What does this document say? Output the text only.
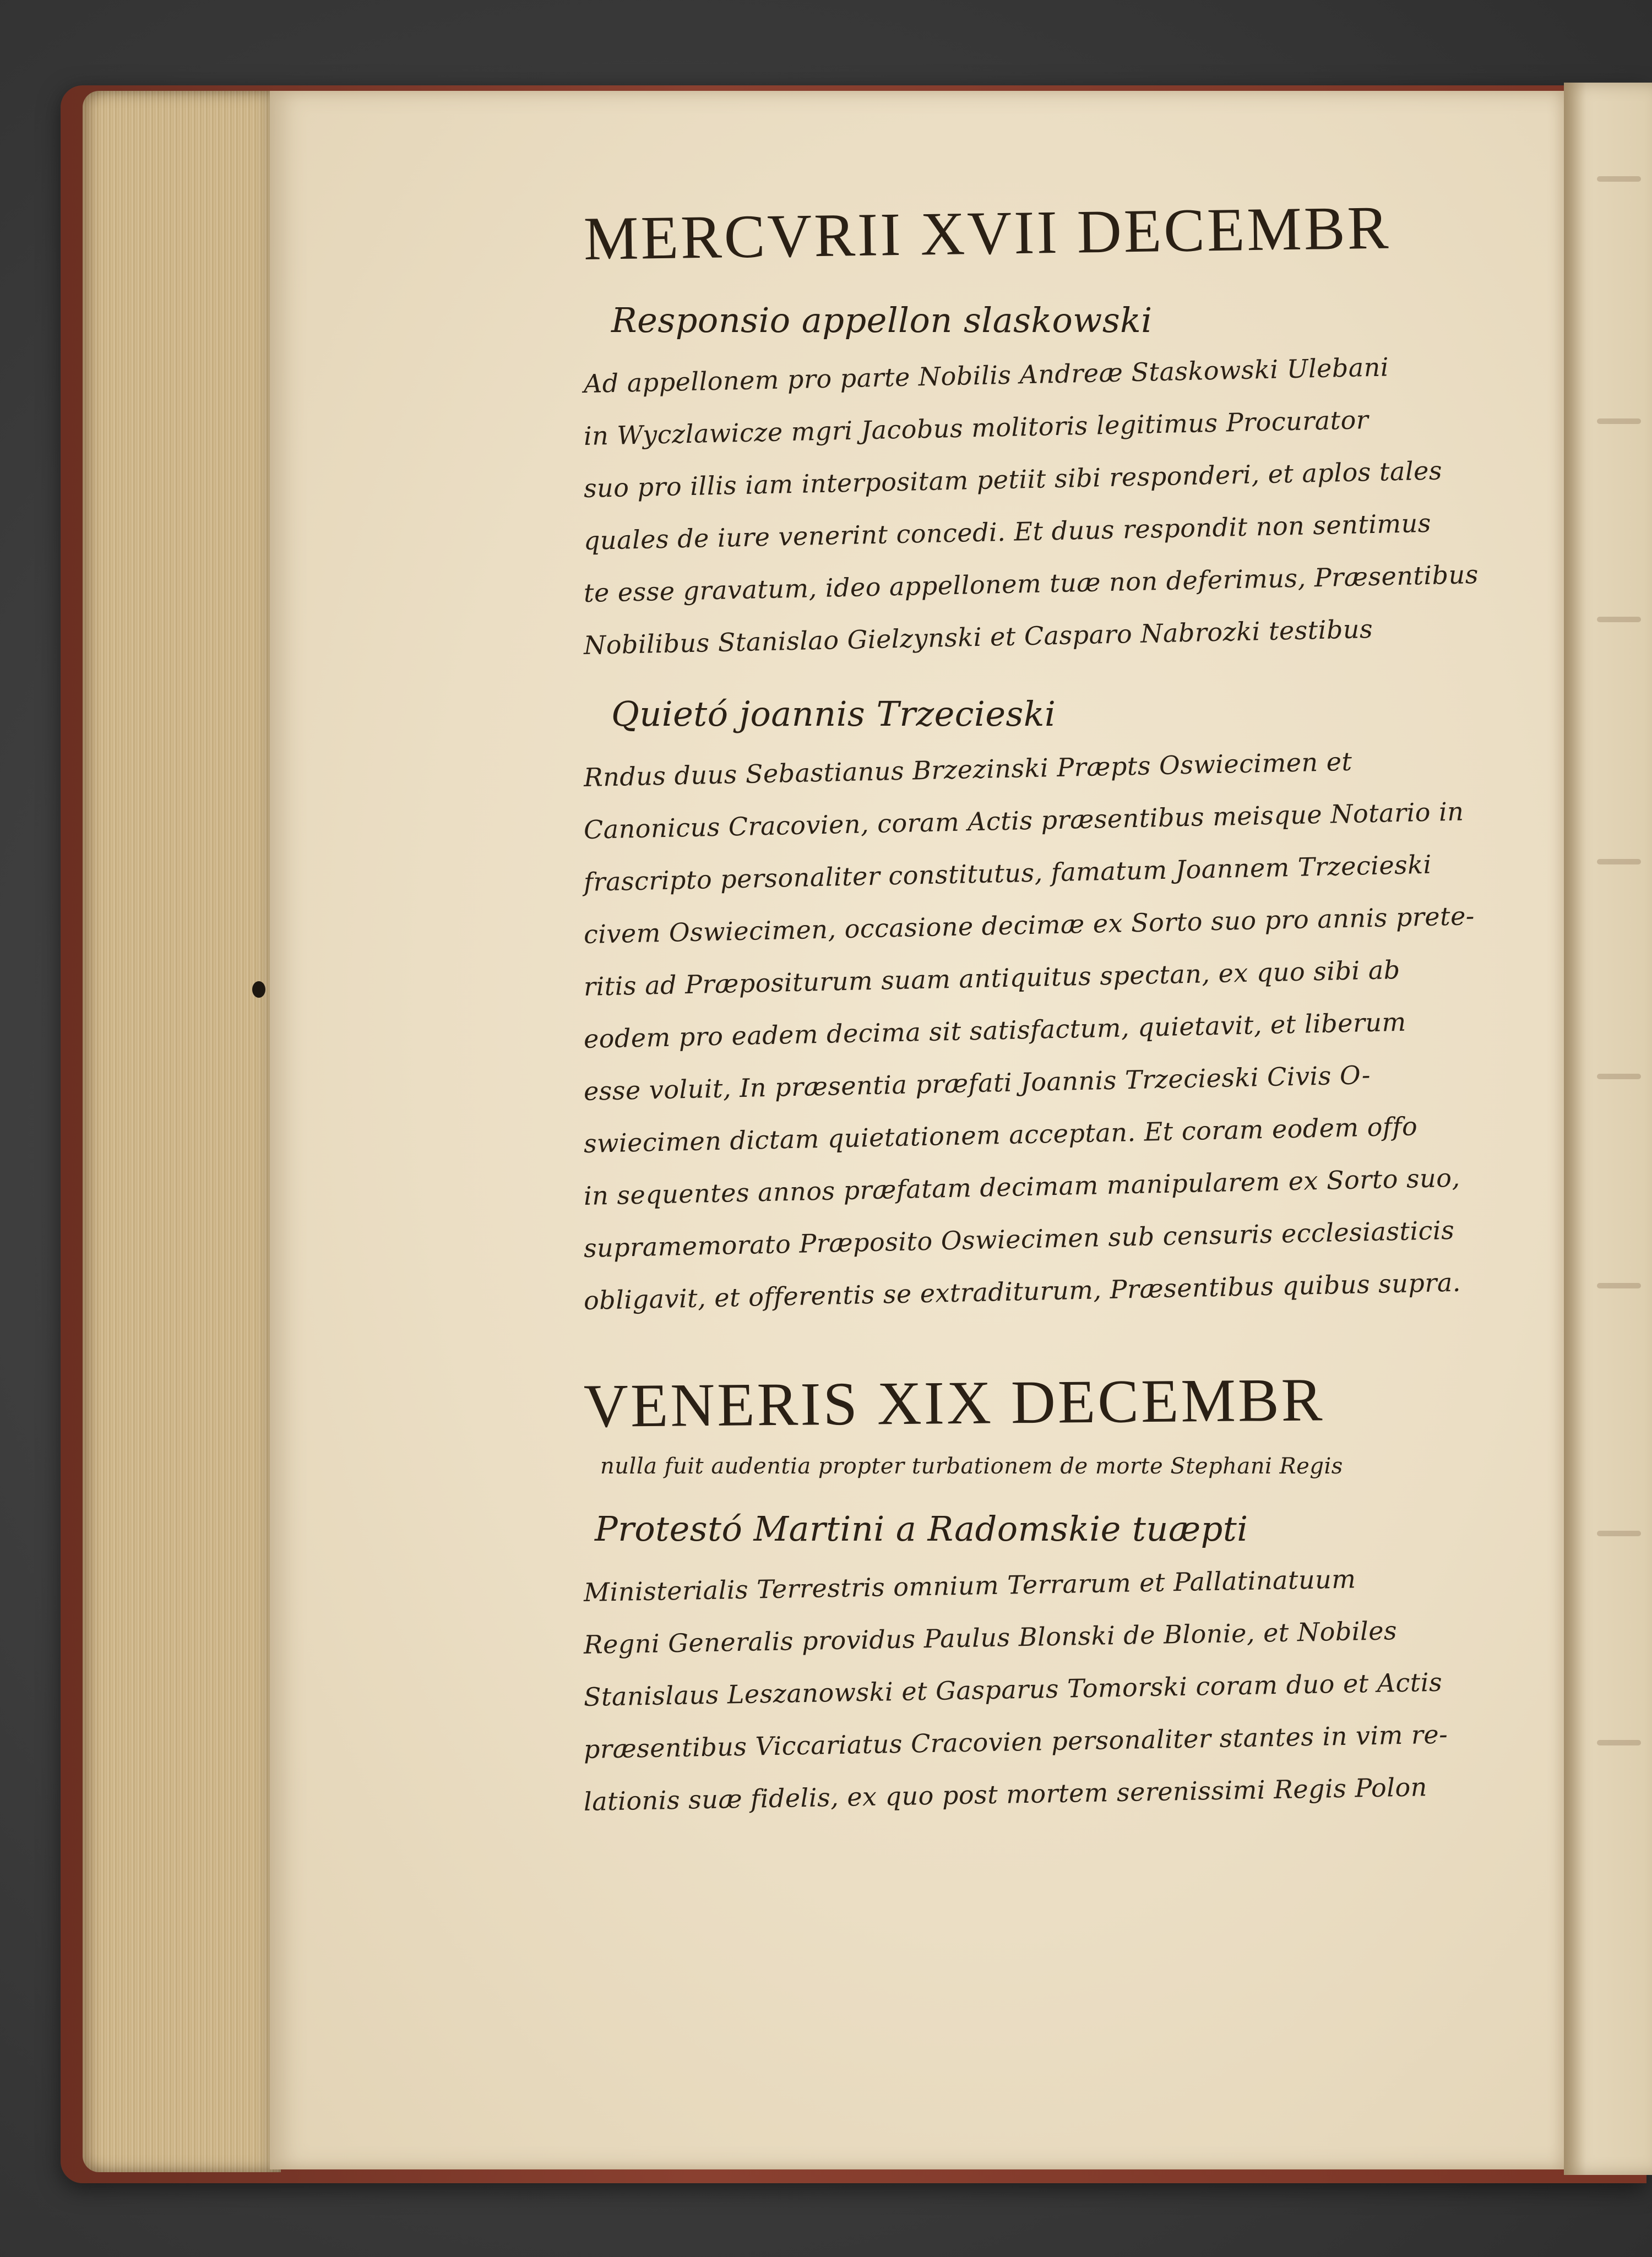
MERCVRII XVII DECEMBR
Responsio appellon slaskowski
Ad appellonem pro parte Nobilis Andreæ Staskowski Ulebani
in Wyczlawicze mgri Jacobus molitoris legitimus Procurator
suo pro illis iam interpositam petiit sibi responderi, et aplos tales
quales de iure venerint concedi. Et duus respondit non sentimus
te esse gravatum, ideo appellonem tuæ non deferimus, Præsentibus
Nobilibus Stanislao Gielzynski et Casparo Nabrozki testibus
Quietó joannis Trzecieski
Rndus duus Sebastianus Brzezinski Præpts Oswiecimen et
Canonicus Cracovien, coram Actis præsentibus meisque Notario in
frascripto personaliter constitutus, famatum Joannem Trzecieski
civem Oswiecimen, occasione decimæ ex Sorto suo pro annis prete-
ritis ad Præpositurum suam antiquitus spectan, ex quo sibi ab
eodem pro eadem decima sit satisfactum, quietavit, et liberum
esse voluit, In præsentia præfati Joannis Trzecieski Civis O-
swiecimen dictam quietationem acceptan. Et coram eodem offo
in sequentes annos præfatam decimam manipularem ex Sorto suo,
supramemorato Præposito Oswiecimen sub censuris ecclesiasticis
obligavit, et offerentis se extraditurum, Præsentibus quibus supra.
VENERIS XIX DECEMBR
nulla fuit audentia propter turbationem de morte Stephani Regis
Protestó Martini a Radomskie tuæpti
Ministerialis Terrestris omnium Terrarum et Pallatinatuum
Regni Generalis providus Paulus Blonski de Blonie, et Nobiles
Stanislaus Leszanowski et Gasparus Tomorski coram duo et Actis
præsentibus Viccariatus Cracovien personaliter stantes in vim re-
lationis suæ fidelis, ex quo post mortem serenissimi Regis Polon
